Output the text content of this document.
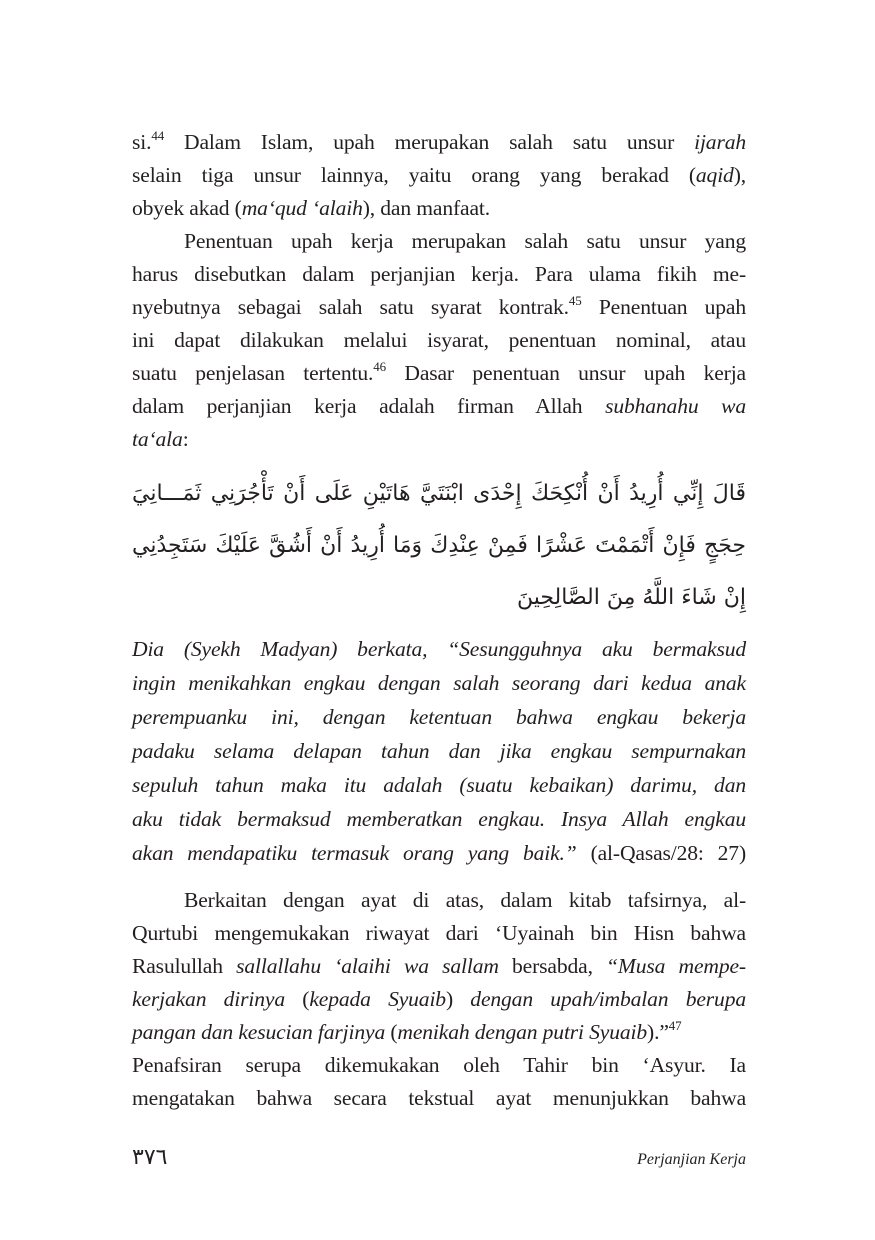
si.$^{44}$ Dalam Islam, upah merupakan salah satu unsur ijarah
selain tiga unsur lainnya, yaitu orang yang berakad (aqid),
obyek akad (ma‘qud ‘alaih), dan manfaat.
Penentuan upah kerja merupakan salah satu unsur yang
harus disebutkan dalam perjanjian kerja. Para ulama fikih me-
nyebutnya sebagai salah satu syarat kontrak.$^{45}$ Penentuan upah
ini dapat dilakukan melalui isyarat, penentuan nominal, atau
suatu penjelasan tertentu.$^{46}$ Dasar penentuan unsur upah kerja
dalam perjanjian kerja adalah firman Allah subhanahu wa
ta‘ala:
قَالَ إِنِّي أُرِيدُ أَنْ أُنْكِحَكَ إِحْدَى ابْنَتَيَّ هَاتَيْنِ عَلَى أَنْ تَأْجُرَنِي ثَمَـــانِيَ
حِجَجٍ فَإِنْ أَتْمَمْتَ عَشْرًا فَمِنْ عِنْدِكَ وَمَا أُرِيدُ أَنْ أَشُقَّ عَلَيْكَ سَتَجِدُنِي
إِنْ شَاءَ اللَّهُ مِنَ الصَّالِحِينَ
Dia (Syekh Madyan) berkata, “Sesungguhnya aku bermaksud
ingin menikahkan engkau dengan salah seorang dari kedua anak
perempuanku ini, dengan ketentuan bahwa engkau bekerja
padaku selama delapan tahun dan jika engkau sempurnakan
sepuluh tahun maka itu adalah (suatu kebaikan) darimu, dan
aku tidak bermaksud memberatkan engkau. Insya Allah engkau
akan mendapatiku termasuk orang yang baik.” (al-Qasas/28: 27)
Berkaitan dengan ayat di atas, dalam kitab tafsirnya, al-
Qurtubi mengemukakan riwayat dari ‘Uyainah bin Hisn bahwa
Rasulullah sallallahu ‘alaihi wa sallam bersabda, “Musa mempe-
kerjakan dirinya (kepada Syuaib) dengan upah/imbalan berupa
pangan dan kesucian farjinya (menikah dengan putri Syuaib).”$^{47}$
Penafsiran serupa dikemukakan oleh Tahir bin ‘Asyur. Ia
mengatakan bahwa secara tekstual ayat menunjukkan bahwa
٣٧٦	Perjanjian Kerja
